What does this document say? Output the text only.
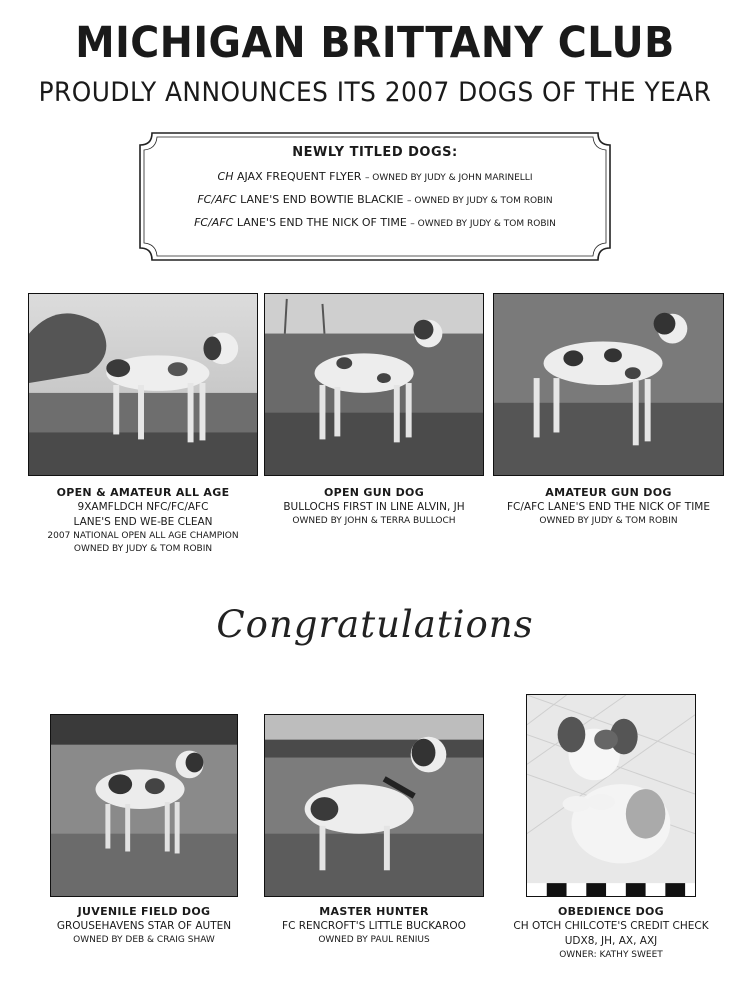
MICHIGAN BRITTANY CLUB
PROUDLY ANNOUNCES ITS 2007 DOGS OF THE YEAR
NEWLY TITLED DOGS:
CH AJAX FREQUENT FLYER – OWNED BY JUDY & JOHN MARINELLI
FC/AFC LANE'S END BOWTIE BLACKIE – OWNED BY JUDY & TOM ROBIN
FC/AFC LANE'S END THE NICK OF TIME – OWNED BY JUDY & TOM ROBIN
OPEN & AMATEUR ALL AGE
9XAMFLDCH NFC/FC/AFC
LANE'S END WE-BE CLEAN
2007 NATIONAL OPEN ALL AGE CHAMPION
OWNED BY JUDY & TOM ROBIN
OPEN GUN DOG
BULLOCHS FIRST IN LINE ALVIN, JH
OWNED BY JOHN & TERRA BULLOCH
AMATEUR GUN DOG
FC/AFC LANE'S END THE NICK OF TIME
OWNED BY JUDY & TOM ROBIN
Congratulations
JUVENILE FIELD DOG
GROUSEHAVENS STAR OF AUTEN
OWNED BY DEB & CRAIG SHAW
MASTER HUNTER
FC RENCROFT'S LITTLE BUCKAROO
OWNED BY PAUL RENIUS
OBEDIENCE DOG
CH OTCH CHILCOTE'S CREDIT CHECK
UDX8, JH, AX, AXJ
OWNER: KATHY SWEET
